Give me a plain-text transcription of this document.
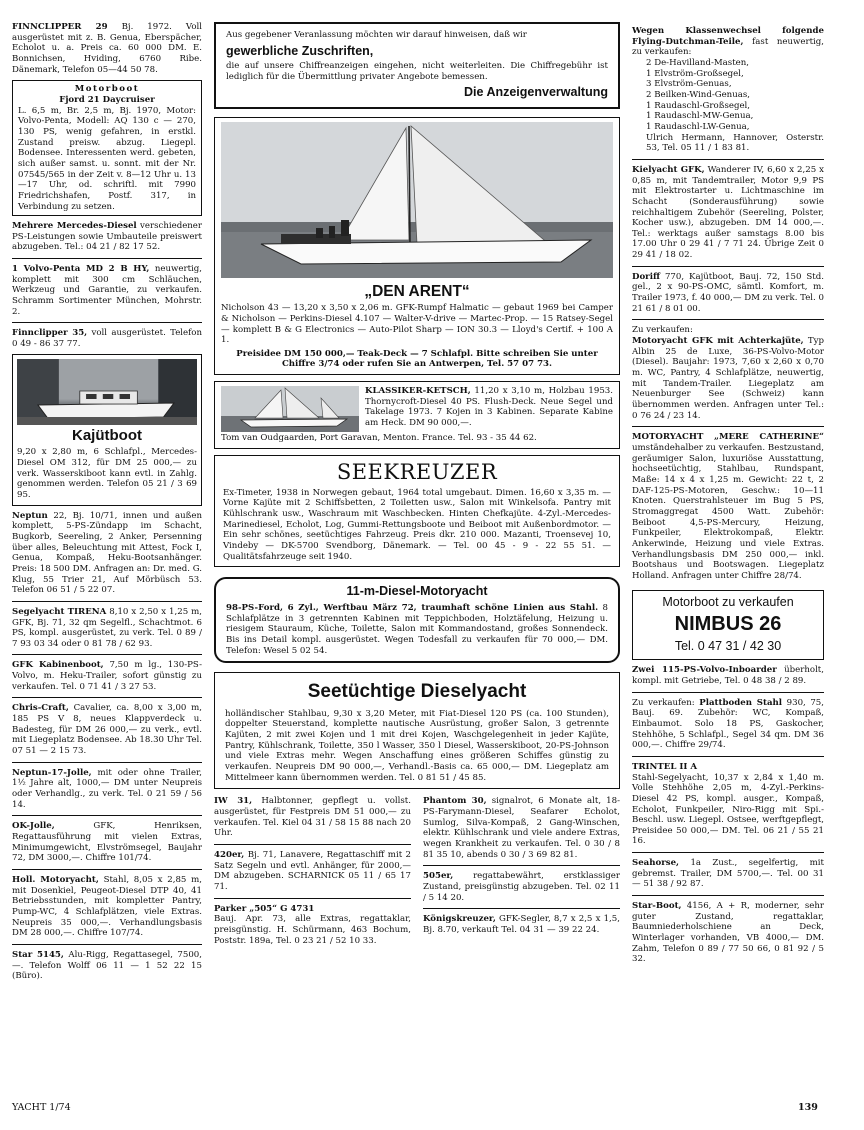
FINNCLIPPER 29 Bj. 1972. Voll ausgerüstet mit z. B. Genua, Eberspächer, Echolot u. a. Preis ca. 60 000 DM. E. Bonnichsen, Hviding, 6760 Ribe. Dänemark, Telefon 05—44 50 78.
Motorboot
Fjord 21 Daycruiser
L. 6,5 m, Br. 2,5 m, Bj. 1970, Motor: Volvo-Penta, Modell: AQ 130 c — 270, 130 PS, wenig gefahren, in erstkl. Zustand preisw. abzug. Liegepl. Bodensee. Interessenten werd. gebeten, sich außer samst. u. sonnt. mit der Nr. 07545/565 in der Zeit v. 8—12 Uhr u. 13—17 Uhr, od. schriftl. mit 7990 Friedrichshafen, Postf. 317, in Verbindung zu setzen.
Mehrere Mercedes-Diesel verschiedener PS-Leistungen sowie Umbauteile preiswert abzugeben. Tel.: 04 21 / 82 17 52.
1 Volvo-Penta MD 2 B HY, neuwertig, komplett mit 300 cm Schläuchen, Werkzeug und Garantie, zu verkaufen. Schramm Sortimenter München, Mohrstr. 2.
Finnclipper 35, voll ausgerüstet. Telefon 0 49 - 86 37 77.
Kajütboot
9,20 x 2,80 m, 6 Schlafpl., Mercedes-Diesel OM 312, für DM 25 000,— zu verk. Wasserskiboot kann evtl. in Zahlg. genommen werden. Telefon 05 21 / 3 69 95.
Neptun 22, Bj. 10/71, innen und außen komplett, 5-PS-Zündapp im Schacht, Bugkorb, Seereling, 2 Anker, Persenning über alles, Beleuchtung mit Attest, Fock I, Genua, Kompaß, Heku-Bootsanhänger. Preis: 18 500 DM. Anfragen an: Dr. med. G. Klug, 55 Trier 21, Auf Mörbüsch 53. Telefon 06 51 / 5 22 07.
Segelyacht TIRENA 8,10 x 2,50 x 1,25 m, GFK, Bj. 71, 32 qm Segelfl., Schachtmot. 6 PS, kompl. ausgerüstet, zu verk. Tel. 0 89 / 7 93 03 34 oder 0 81 78 / 62 93.
GFK Kabinenboot, 7,50 m lg., 130-PS-Volvo, m. Heku-Trailer, sofort günstig zu verkaufen. Tel. 0 71 41 / 3 27 53.
Chris-Craft, Cavalier, ca. 8,00 x 3,00 m, 185 PS V 8, neues Klappverdeck u. Badesteg, für DM 26 000,— zu verk., evtl. mit Liegeplatz Bodensee. Ab 18.30 Uhr Tel. 07 51 — 2 15 73.
Neptun-17-Jolle, mit oder ohne Trailer, 1½ Jahre alt, 1000,— DM unter Neupreis oder Verhandlg., zu verk. Tel. 0 21 59 / 56 14.
OK-Jolle,	GFK, Henriksen, Regattausführung mit vielen Extras, Minimumgewicht, Elvströmsegel, Baujahr 72, DM 3000,—. Chiffre 101/74.
Holl. Motoryacht, Stahl, 8,05 x 2,85 m, mit Dosenkiel, Peugeot-Diesel DTP 40, 41 Betriebsstunden, mit kompletter Pantry, Pump-WC, 4 Schlafplätzen, viele Extras. Neupreis 35 000,—. Verhandlungsbasis DM 28 000,—. Chiffre 107/74.
Star 5145, Alu-Rigg, Regattasegel, 7500,—. Telefon Wolff 06 11 — 1 52 22 15 (Büro).
Aus gegebener Veranlassung möchten wir darauf hinweisen, daß wir
gewerbliche Zuschriften,
die auf unsere Chiffreanzeigen eingehen, nicht weiterleiten. Die Chiffregebühr ist lediglich für die Übermittlung privater Angebote bemessen.
Die Anzeigenverwaltung
„DEN ARENT“
Nicholson 43 — 13,20 x 3,50 x 2,06 m. GFK-Rumpf Halmatic — gebaut 1969 bei Camper & Nicholson — Perkins-Diesel 4.107 — Walter-V-drive — Martec-Prop. — 15 Ratsey-Segel — komplett B & G Electronics — Auto-Pilot Sharp — ION 30.3 — Lloyd's Certif. + 100 A 1.
Preisidee DM 150 000,— Teak-Deck — 7 Schlafpl. Bitte schreiben Sie unter Chiffre 3/74 oder rufen Sie an Antwerpen, Tel. 57 07 73.
KLASSIKER-KETSCH, 11,20 x 3,10 m, Holzbau 1953. Thornycroft-Diesel 40 PS. Flush-Deck. Neue Segel und Takelage 1973. 7 Kojen in 3 Kabinen. Separate Kabine am Heck. DM 90 000,—.
Tom van Oudgaarden, Port Garavan, Menton. France. Tel. 93 - 35 44 62.
SEEKREUZER
Ex-Timeter, 1938 in Norwegen gebaut, 1964 total umgebaut. Dimen. 16,60 x 3,35 m. — Vorne Kajüte mit 2 Schiffsbetten, 2 Toiletten usw., Salon mit Winkelsofa. Pantry mit Kühlschrank usw., Waschraum mit Waschbecken. Hinten Chefkajüte. 4-Zyl.-Mercedes-Marinediesel, Echolot, Log, Gummi-Rettungsboote und Beiboot mit Außenbordmotor. — Ein sehr schönes, seetüchtiges Fahrzeug. Preis dkr. 210 000. Mazanti, Troensevej 10, Vindeby — DK-5700 Svendborg, Dänemark. — Tel. 00 45 - 9 - 22 55 51. — Qualitätsfahrzeuge seit 1940.
11-m-Diesel-Motoryacht
98-PS-Ford, 6 Zyl., Werftbau März 72, traumhaft schöne Linien aus Stahl. 8 Schlafplätze in 3 getrennten Kabinen mit Teppichboden, Holztäfelung, Heizung u. riesigem Stauraum, Küche, Toilette, Salon mit Kommandostand, großes Sonnendeck. Bis ins Detail kompl. ausgerüstet. Wegen Todesfall zu verkaufen für 70 000,— DM. Telefon: Wesel 5 02 54.
Seetüchtige Dieselyacht
holländischer Stahlbau, 9,30 x 3,20 Meter, mit Fiat-Diesel 120 PS (ca. 100 Stunden), doppelter Steuerstand, komplette nautische Ausrüstung, großer Salon, 3 getrennte Kajüten, 2 mit zwei Kojen und 1 mit drei Kojen, Waschgelegenheit in jeder Kajüte, Pantry, Kühlschrank, Toilette, 350 l Wasser, 350 l Diesel, Wasserskiboot, 20-PS-Johnson und viele Extras mehr. Wegen Anschaffung eines größeren Schiffes günstig zu verkaufen. Neupreis DM 90 000,—, Verhandl.-Basis ca. 65 000,— DM. Liegeplatz am Mittelmeer kann übernommen werden. Tel. 0 81 51 / 45 85.
IW 31, Halbtonner, gepflegt u. vollst. ausgerüstet, für Festpreis DM 51 000,— zu verkaufen. Tel. Kiel 04 31 / 58 15 88 nach 20 Uhr.
420er, Bj. 71, Lanavere, Regattaschiff mit 2 Satz Segeln und evtl. Anhänger, für 2000,— DM abzugeben. SCHARNICK 05 11 / 65 17 71.
Parker „505“ G 4731
Bauj. Apr. 73, alle Extras, regattaklar, preisgünstig. H. Schürmann, 463 Bochum, Poststr. 189a, Tel. 0 23 21 / 52 10 33.
Phantom 30, signalrot, 6 Monate alt, 18-PS-Farymann-Diesel, Seafarer Echolot, Sumlog, Silva-Kompaß, 2 Gang-Winschen, elektr. Kühlschrank und viele andere Extras, wegen Krankheit zu verkaufen. Tel. 0 30 / 8 81 35 10, abends 0 30 / 3 69 82 81.
505er, regattabewährt, erstklassiger Zustand, preisgünstig abzugeben. Tel. 02 11 / 5 14 20.
Königskreuzer, GFK-Segler, 8,7 x 2,5 x 1,5, Bj. 8.70, verkauft Tel. 04 31 — 39 22 24.
Wegen Klassenwechsel folgende Flying-Dutchman-Teile, fast neuwertig, zu verkaufen:
2 De-Havilland-Masten,
1 Elvström-Großsegel,
3 Elvström-Genuas,
2 Beilken-Wind-Genuas,
1 Raudaschl-Großsegel,
1 Raudaschl-MW-Genua,
1 Raudaschl-LW-Genua,
Ulrich Hermann, Hannover, Osterstr. 53, Tel. 05 11 / 1 83 81.
Kielyacht GFK, Wanderer IV, 6,60 x 2,25 x 0,85 m, mit Tandemtrailer, Motor 9,9 PS mit Elektrostarter u. Lichtmaschine im Schacht (Sonderausführung) sowie reichhaltigem Zubehör (Seereling, Polster, Kocher usw.), abzugeben. DM 14 000,—. Tel.: werktags außer samstags 8.00 bis 17.00 Uhr 0 29 41 / 7 71 24. Übrige Zeit 0 29 41 / 18 02.
Doriff 770, Kajütboot, Bauj. 72, 150 Std. gel., 2 x 90-PS-OMC, sämtl. Komfort, m. Trailer 1973, f. 40 000,— DM zu verk. Tel. 0 21 61 / 8 01 00.
Zu verkaufen:
Motoryacht GFK mit Achterkajüte, Typ Albin 25 de Luxe, 36-PS-Volvo-Motor (Diesel). Baujahr: 1973, 7,60 x 2,60 x 0,70 m. WC, Pantry, 4 Schlafplätze, neuwertig, mit Tandem-Trailer. Liegeplatz am Neuenburger See (Schweiz) kann übernommen werden. Anfragen unter Tel.: 0 76 24 / 23 14.
MOTORYACHT „MERE CATHERINE“ umständehalber zu verkaufen. Bestzustand, geräumiger Salon, luxuriöse Ausstattung, hochseetüchtig, Stahlbau, Rundspant, Maße: 14 x 4 x 1,25 m. Gewicht: 22 t, 2 DAF-125-PS-Motoren, Geschw.: 10—11 Knoten. Querstrahlsteuer im Bug 5 PS, Stromaggregat 4500 Watt. Zubehör: Beiboot 4,5-PS-Mercury, Heizung, Funkpeiler, Elektrokompaß, Elektr. Ankerwinde, Heizung und viele Extras. Verhandlungsbasis DM 250 000,— inkl. Bootshaus und Bootswagen. Liegeplatz Holland. Anfragen unter Chiffre 28/74.
Motorboot zu verkaufen
NIMBUS 26
Tel. 0 47 31 / 42 30
Zwei 115-PS-Volvo-Inboarder überholt, kompl. mit Getriebe, Tel. 0 48 38 / 2 89.
Zu verkaufen: Plattboden Stahl 930, 75, Bauj. 69. Zubehör: WC, Kompaß, Einbaumot. Solo 18 PS, Gaskocher, Stehhöhe, 5 Schlafpl., Segel 34 qm. DM 36 000,—. Chiffre 29/74.
TRINTEL II A
Stahl-Segelyacht, 10,37 x 2,84 x 1,40 m. Volle Stehhöhe 2,05 m, 4-Zyl.-Perkins-Diesel 42 PS, kompl. ausger., Kompaß, Echolot, Funkpeiler, Niro-Rigg mit Spi.-Beschl. usw. Liegepl. Ostsee, werftgepflegt, Preisidee 50 000,— DM. Tel. 06 21 / 55 21 16.
Seahorse, 1a Zust., segelfertig, mit gebremst. Trailer, DM 5700,—. Tel. 00 31 — 51 38 / 92 87.
Star-Boot, 4156, A + R, moderner, sehr guter Zustand, regattaklar, Baumniederholschiene an Deck, Winterlager vorhanden, VB 4000,— DM. Zahm, Telefon 0 89 / 77 50 66, 0 81 92 / 5 32.
YACHT 1/74	139
